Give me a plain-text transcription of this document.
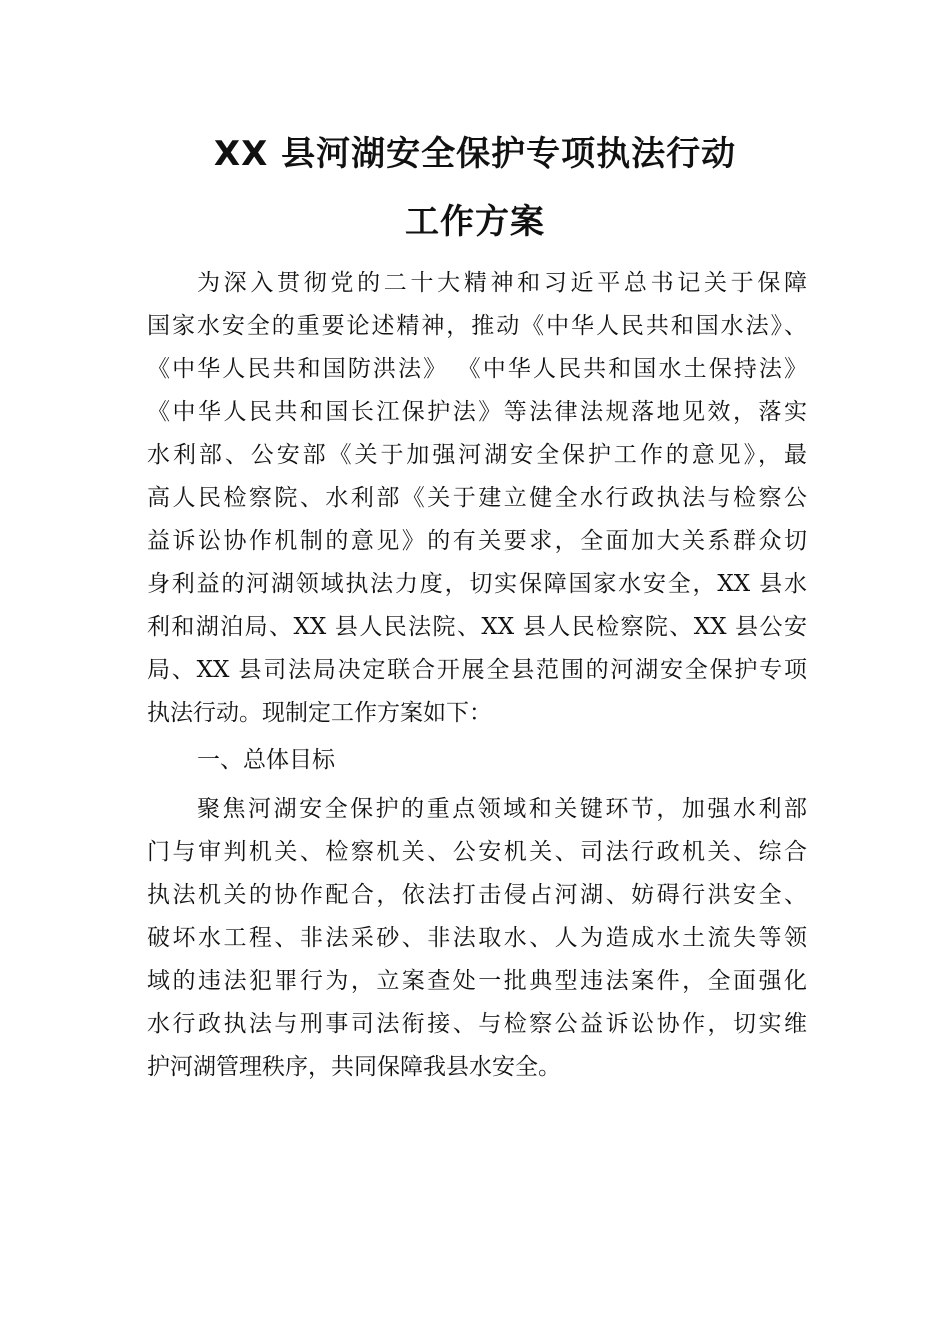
XX 县河湖安全保护专项执法行动
工作方案
为深入贯彻党的二十大精神和习近平总书记关于保障
国家水安全的重要论述精神，推动《中华人民共和国水法》、
《中华人民共和国防洪法》 《中华人民共和国水土保持法》
《中华人民共和国长江保护法》等法律法规落地见效，落实
水利部、公安部《关于加强河湖安全保护工作的意见》，最
高人民检察院、水利部《关于建立健全水行政执法与检察公
益诉讼协作机制的意见》的有关要求，全面加大关系群众切
身利益的河湖领域执法力度，切实保障国家水安全，XX 县水
利和湖泊局、XX 县人民法院、XX 县人民检察院、XX 县公安
局、XX 县司法局决定联合开展全县范围的河湖安全保护专项
执法行动。现制定工作方案如下：
一、总体目标
聚焦河湖安全保护的重点领域和关键环节，加强水利部
门与审判机关、检察机关、公安机关、司法行政机关、综合
执法机关的协作配合，依法打击侵占河湖、妨碍行洪安全、
破坏水工程、非法采砂、非法取水、人为造成水土流失等领
域的违法犯罪行为，立案查处一批典型违法案件，全面强化
水行政执法与刑事司法衔接、与检察公益诉讼协作，切实维
护河湖管理秩序，共同保障我县水安全。
